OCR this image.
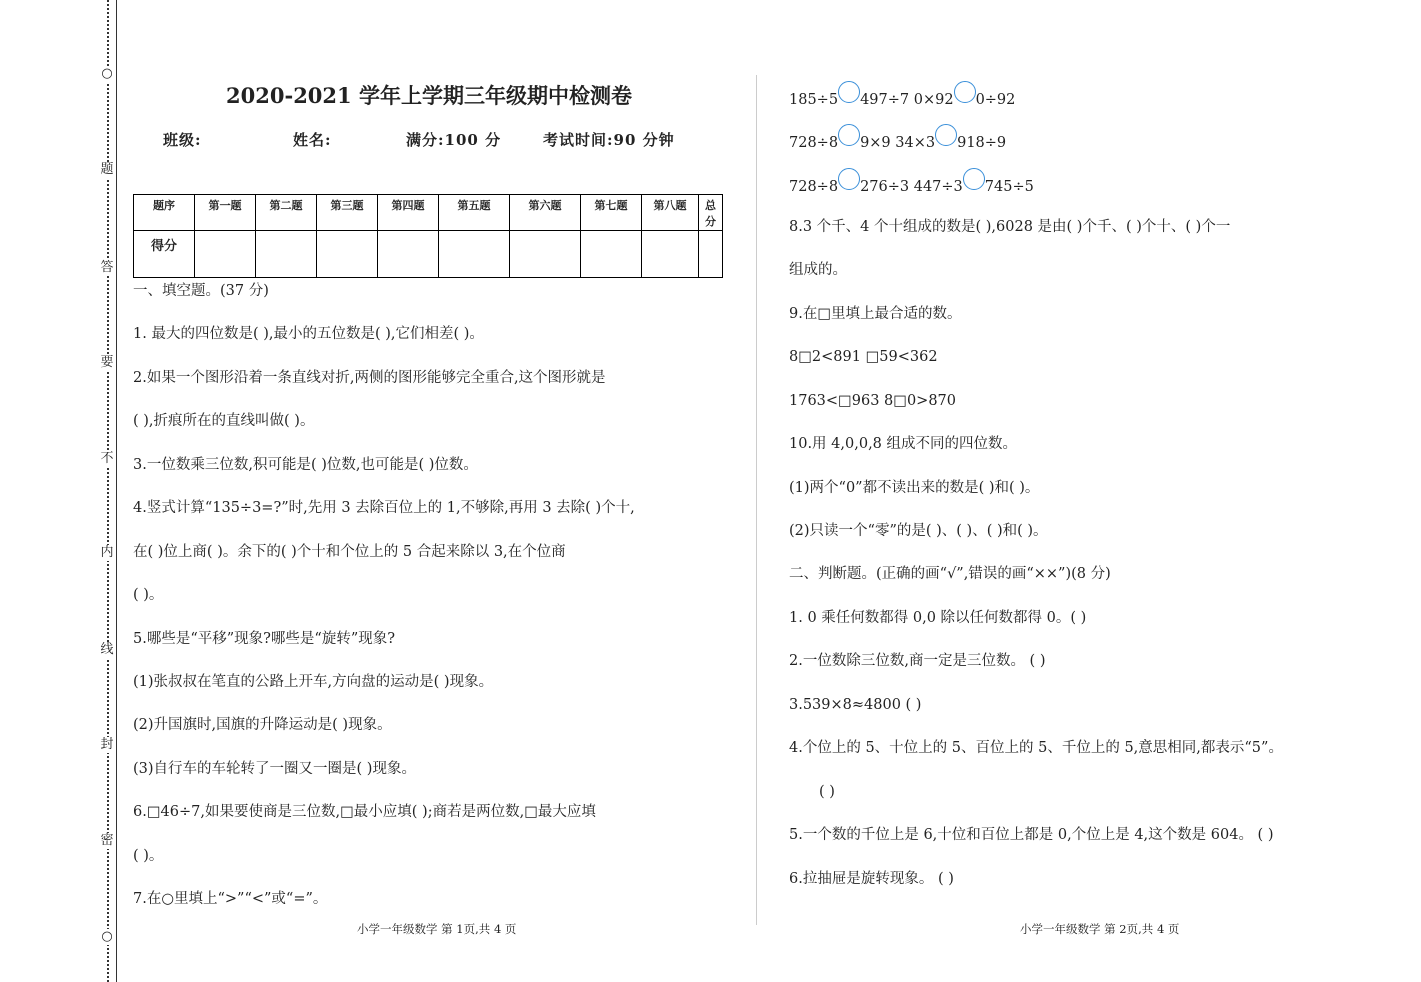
○
题
答
要
不
内
线
封
密
○
2020-2021 学年上学期三年级期中检测卷
班级:	姓名:	满分:100 分	考试时间:90 分钟
题序	第一题	第二题	第三题	第四题	第五题	第六题	第七题	第八题	总分
得分									
一、填空题。(37 分)
1. 最大的四位数是( ),最小的五位数是( ),它们相差( )。
2.如果一个图形沿着一条直线对折,两侧的图形能够完全重合,这个图形就是
( ),折痕所在的直线叫做( )。
3.一位数乘三位数,积可能是( )位数,也可能是( )位数。
4.竖式计算“135÷3=?”时,先用 3 去除百位上的 1,不够除,再用 3 去除( )个十,
在( )位上商( )。余下的( )个十和个位上的 5 合起来除以 3,在个位商
( )。
5.哪些是“平移”现象?哪些是“旋转”现象?
(1)张叔叔在笔直的公路上开车,方向盘的运动是( )现象。
(2)升国旗时,国旗的升降运动是( )现象。
(3)自行车的车轮转了一圈又一圈是( )现象。
6.□46÷7,如果要使商是三位数,□最小应填( );商若是两位数,□最大应填
( )。
7.在○里填上“>”“<”或“=”。
185÷5 497÷7 0×92 0÷92
728÷8 9×9 34×3 918÷9
728÷8 276÷3 447÷3 745÷5
8.3 个千、4 个十组成的数是( ),6028 是由( )个千、( )个十、( )个一
组成的。
9.在□里填上最合适的数。
8□2<891 □59<362
1763<□963 8□0>870
10.用 4,0,0,8 组成不同的四位数。
(1)两个“0”都不读出来的数是( )和( )。
(2)只读一个“零”的是( )、( )、( )和( )。
二、判断题。(正确的画“√”,错误的画“××”)(8 分)
1. 0 乘任何数都得 0,0 除以任何数都得 0。( )
2.一位数除三位数,商一定是三位数。 ( )
3.539×8≈4800 ( )
4.个位上的 5、十位上的 5、百位上的 5、千位上的 5,意思相同,都表示“5”。
( )
5.一个数的千位上是 6,十位和百位上都是 0,个位上是 4,这个数是 604。 ( )
6.拉抽屉是旋转现象。 ( )
小学一年级数学 第 1页,共 4 页	小学一年级数学 第 2页,共 4 页
